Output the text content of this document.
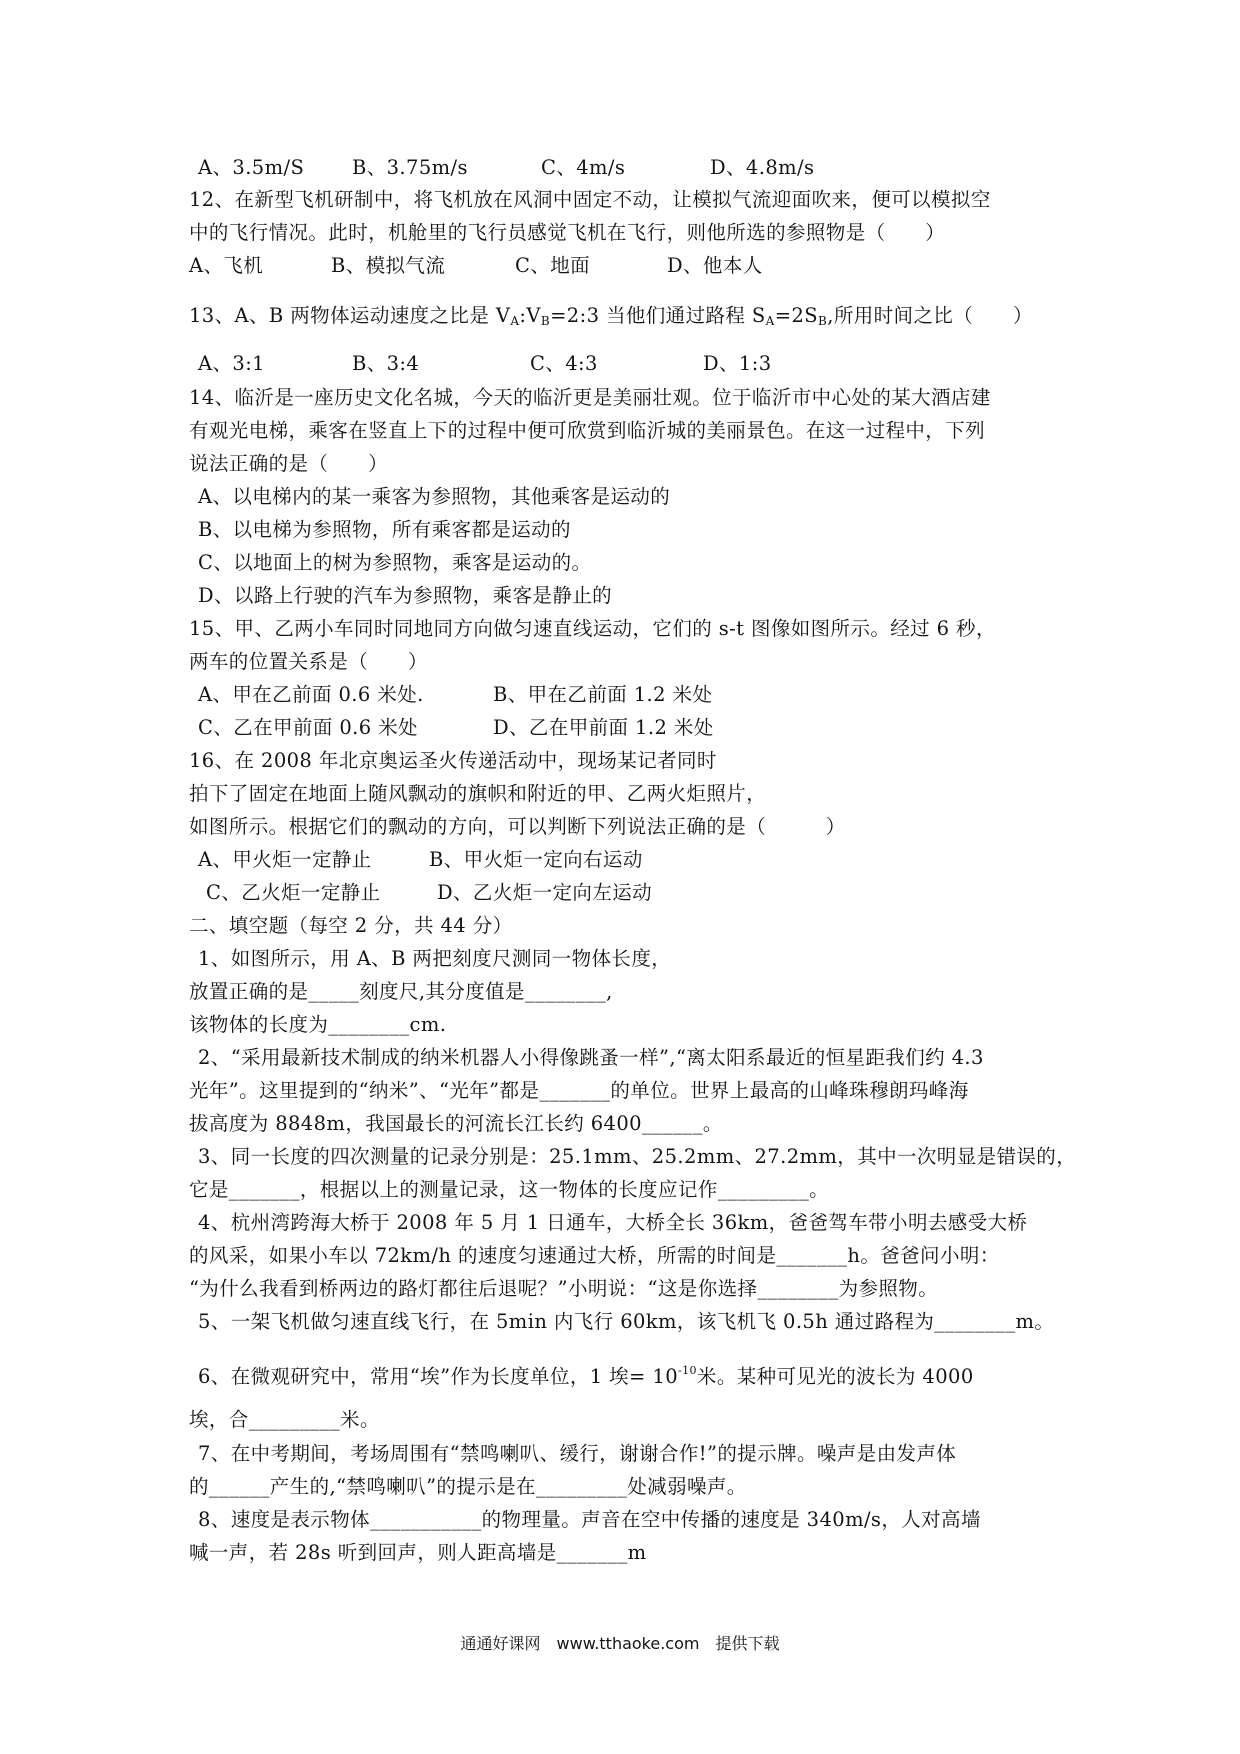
A、3.5m/S

B、3.75m/s

	C、4m/s

	D、4.8m/s

12、在新型飞机研制中，将飞机放在风洞中固定不动，让模拟气流迎面吹来，便可以模拟空
中的飞行情况。此时，机舱里的飞行员感觉飞机在飞行，则他所选的参照物是（　　）

A、飞机

	B、模拟气流

	C、地面

	D、他本人

13、A、B 两物体运动速度之比是 $V_A:V_B=2:3$ 当他们通过路程 $S_A=2S_B$,所用时间之比（　　）

A、3:1

	B、3:4

	C、4:3

	D、1:3

14、临沂是一座历史文化名城，今天的临沂更是美丽壮观。位于临沂市中心处的某大酒店建
有观光电梯，乘客在竖直上下的过程中便可欣赏到临沂城的美丽景色。在这一过程中，下列
说法正确的是（　　）
A、以电梯内的某一乘客为参照物，其他乘客是运动的
B、以电梯为参照物，所有乘客都是运动的
C、以地面上的树为参照物，乘客是运动的。
D、以路上行驶的汽车为参照物，乘客是静止的
15、甲、乙两小车同时同地同方向做匀速直线运动，它们的 s-t 图像如图所示。经过 6 秒，
两车的位置关系是（　　）

A、甲在乙前面 0.6 米处.

	B、甲在乙前面 1.2 米处

C、乙在甲前面 0.6 米处

	D、乙在甲前面 1.2 米处

16、在 2008 年北京奥运圣火传递活动中，现场某记者同时
拍下了固定在地面上随风飘动的旗帜和附近的甲、乙两火炬照片，
如图所示。根据它们的飘动的方向，可以判断下列说法正确的是（　　　）

A、甲火炬一定静止

	B、甲火炬一定向右运动

C、乙火炬一定静止

	D、乙火炬一定向左运动

二、填空题（每空 2 分，共 44 分）
1、如图所示，用 A、B 两把刻度尺测同一物体长度，
放置正确的是_____刻度尺,其分度值是________,
该物体的长度为________cm.
2、“采用最新技术制成的纳米机器人小得像跳蚤一样”,“离太阳系最近的恒星距我们约 4.3
光年”。这里提到的“纳米”、“光年”都是_______的单位。世界上最高的山峰珠穆朗玛峰海
拔高度为 8848m，我国最长的河流长江长约 6400______。
3、同一长度的四次测量的记录分别是：25.1mm、25.2mm、27.2mm，其中一次明显是错误的，
它是_______，根据以上的测量记录，这一物体的长度应记作_________。
4、杭州湾跨海大桥于 2008 年 5 月 1 日通车，大桥全长 36km，爸爸驾车带小明去感受大桥
的风采，如果小车以 72km/h 的速度匀速通过大桥，所需的时间是_______h。爸爸问小明：
“为什么我看到桥两边的路灯都往后退呢？”小明说：“这是你选择________为参照物。
5、一架飞机做匀速直线飞行，在 5min 内飞行 60km，该飞机飞 0.5h 通过路程为________m。
6、在微观研究中，常用“埃”作为长度单位，1 埃= $10^{-10}$米。某种可见光的波长为 4000
埃，合_________米。
7、在中考期间，考场周围有“禁鸣喇叭、缓行，谢谢合作!”的提示牌。噪声是由发声体
的______产生的,“禁鸣喇叭”的提示是在_________处减弱噪声。
8、速度是表示物体___________的物理量。声音在空中传播的速度是 340m/s，人对高墙
喊一声，若 28s 听到回声，则人距高墙是_______m
通通好课网　www.tthaoke.com　提供下载
